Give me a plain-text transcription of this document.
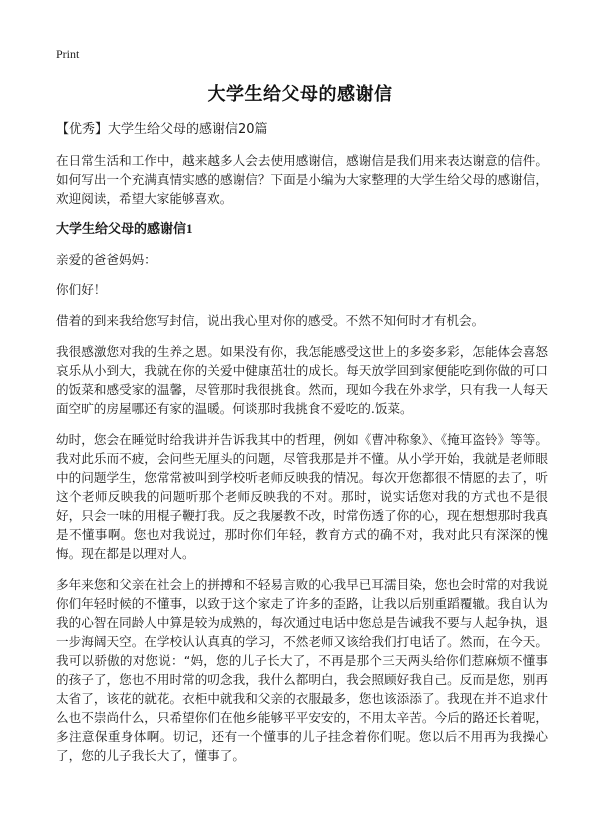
Print
大学生给父母的感谢信

【优秀】大学生给父母的感谢信20篇

在日常生活和工作中，越来越多人会去使用感谢信，感谢信是我们用来表达谢意的信件。如何写出一个充满真情实感的感谢信？下面是小编为大家整理的大学生给父母的感谢信，欢迎阅读，希望大家能够喜欢。

大学生给父母的感谢信1

亲爱的爸爸妈妈：

你们好！

借着的到来我给您写封信，说出我心里对你的感受。不然不知何时才有机会。

我很感激您对我的生养之恩。如果没有你，我怎能感受这世上的多姿多彩，怎能体会喜怒哀乐从小到大，我就在你的关爱中健康茁壮的成长。每天放学回到家便能吃到你做的可口的饭菜和感受家的温馨，尽管那时我很挑食。然而，现如今我在外求学，只有我一人每天面空旷的房屋哪还有家的温暖。何谈那时我挑食不爱吃的.饭菜。

幼时，您会在睡觉时给我讲并告诉我其中的哲理，例如《曹冲称象》、《掩耳盗铃》等等。我对此乐而不疲，会问些无厘头的问题，尽管我那是并不懂。从小学开始，我就是老师眼中的问题学生，您常常被叫到学校听老师反映我的情况。每次开您都很不情愿的去了，听这个老师反映我的问题听那个老师反映我的不对。那时，说实话您对我的方式也不是很好，只会一味的用棍子鞭打我。反之我屡教不改，时常伤透了你的心，现在想想那时我真是不懂事啊。您也对我说过，那时你们年轻，教育方式的确不对，我对此只有深深的愧悔。现在都是以理对人。

多年来您和父亲在社会上的拼搏和不轻易言败的心我早已耳濡目染，您也会时常的对我说你们年轻时候的不懂事，以致于这个家走了许多的歪路，让我以后别重蹈覆辙。我自认为我的心智在同龄人中算是较为成熟的，每次通过电话中您总是告诫我不要与人起争执，退一步海阔天空。在学校认认真真的学习，不然老师又该给我们打电话了。然而，在今天。我可以骄傲的对您说：“妈，您的儿子长大了，不再是那个三天两头给你们惹麻烦不懂事的孩子了，您也不用时常的叨念我，我什么都明白，我会照顾好我自己。反而是您，别再太省了，该花的就花。衣柜中就我和父亲的衣服最多，您也该添添了。我现在并不追求什么也不崇尚什么，只希望你们在他乡能够平平安安的，不用太辛苦。今后的路还长着呢，多注意保重身体啊。切记，还有一个懂事的儿子挂念着你们呢。您以后不用再为我操心了，您的儿子我长大了，懂事了。
